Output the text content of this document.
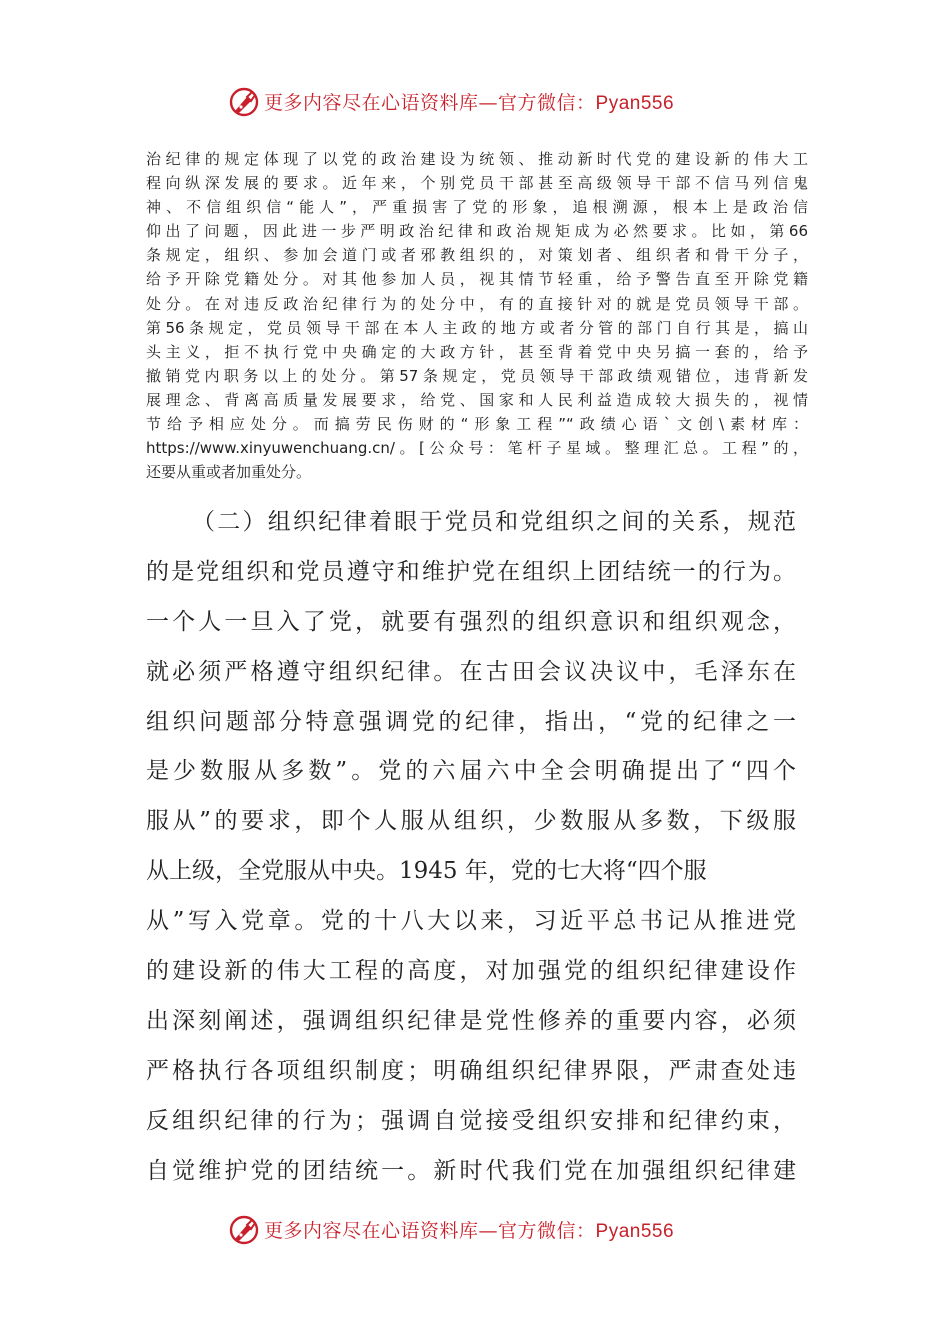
更多内容尽在心语资料库—官方微信：Pyan556
治纪律的规定体现了以党的政治建设为统领、推动新时代党的建设新的伟大工
程向纵深发展的要求。近年来，个别党员干部甚至高级领导干部不信马列信鬼
神、不信组织信“能人”，严重损害了党的形象，追根溯源，根本上是政治信
仰出了问题，因此进一步严明政治纪律和政治规矩成为必然要求。比如，第66
条规定，组织、参加会道门或者邪教组织的，对策划者、组织者和骨干分子，
给予开除党籍处分。对其他参加人员，视其情节轻重，给予警告直至开除党籍
处分。在对违反政治纪律行为的处分中，有的直接针对的就是党员领导干部。
第56条规定，党员领导干部在本人主政的地方或者分管的部门自行其是，搞山
头主义，拒不执行党中央确定的大政方针，甚至背着党中央另搞一套的，给予
撤销党内职务以上的处分。第57条规定，党员领导干部政绩观错位，违背新发
展理念、背离高质量发展要求，给党、国家和人民利益造成较大损失的，视情
节给予相应处分。而搞劳民伤财的“形象工程”“政绩心语`文创\素材库：
https://www.xinyuwenchuang.cn/。[公众号：笔杆子星域。整理汇总。工程”的，
还要从重或者加重处分。
（二）组织纪律着眼于党员和党组织之间的关系，规范
的是党组织和党员遵守和维护党在组织上团结统一的行为。
一个人一旦入了党，就要有强烈的组织意识和组织观念，
就必须严格遵守组织纪律。在古田会议决议中，毛泽东在
组织问题部分特意强调党的纪律，指出，“党的纪律之一
是少数服从多数”。党的六届六中全会明确提出了“四个
服从”的要求，即个人服从组织，少数服从多数，下级服
从上级，全党服从中央。1945 年，党的七大将“四个服
从”写入党章。党的十八大以来，习近平总书记从推进党
的建设新的伟大工程的高度，对加强党的组织纪律建设作
出深刻阐述，强调组织纪律是党性修养的重要内容，必须
严格执行各项组织制度；明确组织纪律界限，严肃查处违
反组织纪律的行为；强调自觉接受组织安排和纪律约束，
自觉维护党的团结统一。新时代我们党在加强组织纪律建
更多内容尽在心语资料库—官方微信：Pyan556
